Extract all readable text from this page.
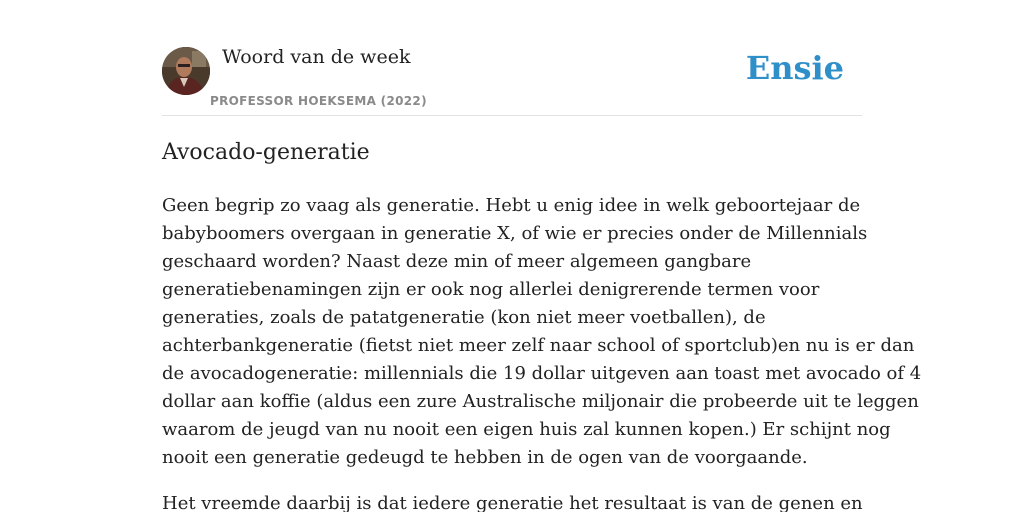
Woord van de week
PROFESSOR HOEKSEMA (2022)
Ensie
Avocado-generatie

Geen begrip zo vaag als generatie. Hebt u enig idee in welk geboortejaar de
babyboomers overgaan in generatie X, of wie er precies onder de Millennials
geschaard worden? Naast deze min of meer algemeen gangbare
generatiebenamingen zijn er ook nog allerlei denigrerende termen voor
generaties, zoals de patatgeneratie (kon niet meer voetballen), de
achterbankgeneratie (fietst niet meer zelf naar school of sportclub)en nu is er dan
de avocadogeneratie: millennials die 19 dollar uitgeven aan toast met avocado of 4
dollar aan koffie (aldus een zure Australische miljonair die probeerde uit te leggen
waarom de jeugd van nu nooit een eigen huis zal kunnen kopen.) Er schijnt nog
nooit een generatie gedeugd te hebben in de ogen van de voorgaande.

Het vreemde daarbij is dat iedere generatie het resultaat is van de genen en
